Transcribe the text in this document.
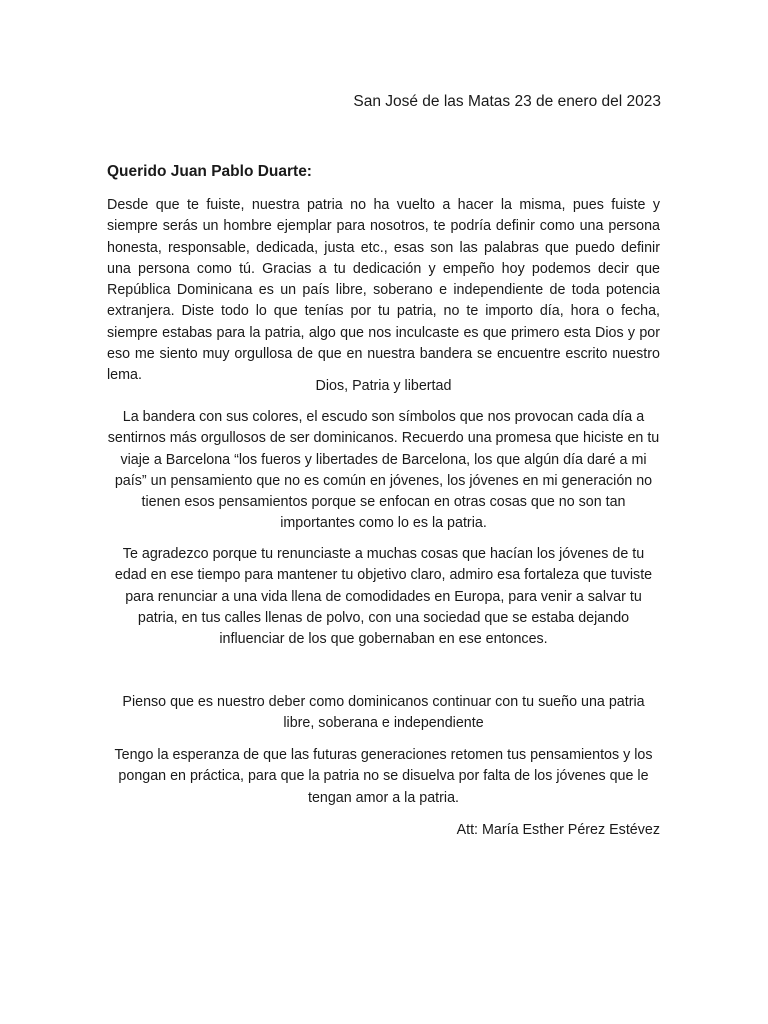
San José de las Matas 23 de enero del 2023
Querido Juan Pablo Duarte:
Desde que te fuiste, nuestra patria no ha vuelto a hacer la misma, pues fuiste y siempre serás un hombre ejemplar para nosotros, te podría definir como una persona honesta, responsable, dedicada, justa etc., esas son las palabras que puedo definir una persona como tú. Gracias a tu dedicación y empeño hoy podemos decir que República Dominicana es un país libre, soberano e independiente de toda potencia extranjera. Diste todo lo que tenías por tu patria, no te importo día, hora o fecha, siempre estabas para la patria, algo que nos inculcaste es que primero esta Dios y por eso me siento muy orgullosa de que en nuestra bandera se encuentre escrito nuestro lema.
Dios, Patria y libertad
La bandera con sus colores, el escudo son símbolos que nos provocan cada día a sentirnos más orgullosos de ser dominicanos. Recuerdo una promesa que hiciste en tu viaje a Barcelona “los fueros y libertades de Barcelona, los que algún día daré a mi país” un pensamiento que no es común en jóvenes, los jóvenes en mi generación no tienen esos pensamientos porque se enfocan en otras cosas que no son tan importantes como lo es la patria.
Te agradezco porque tu renunciaste a muchas cosas que hacían los jóvenes de tu edad en ese tiempo para mantener tu objetivo claro, admiro esa fortaleza que tuviste para renunciar a una vida llena de comodidades en Europa, para venir a salvar tu patria, en tus calles llenas de polvo, con una sociedad que se estaba dejando influenciar de los que gobernaban en ese entonces.
Pienso que es nuestro deber como dominicanos continuar con tu sueño una patria libre, soberana e independiente
Tengo la esperanza de que las futuras generaciones retomen tus pensamientos y los pongan en práctica, para que la patria no se disuelva por falta de los jóvenes que le tengan amor a la patria.
Att: María Esther Pérez Estévez
